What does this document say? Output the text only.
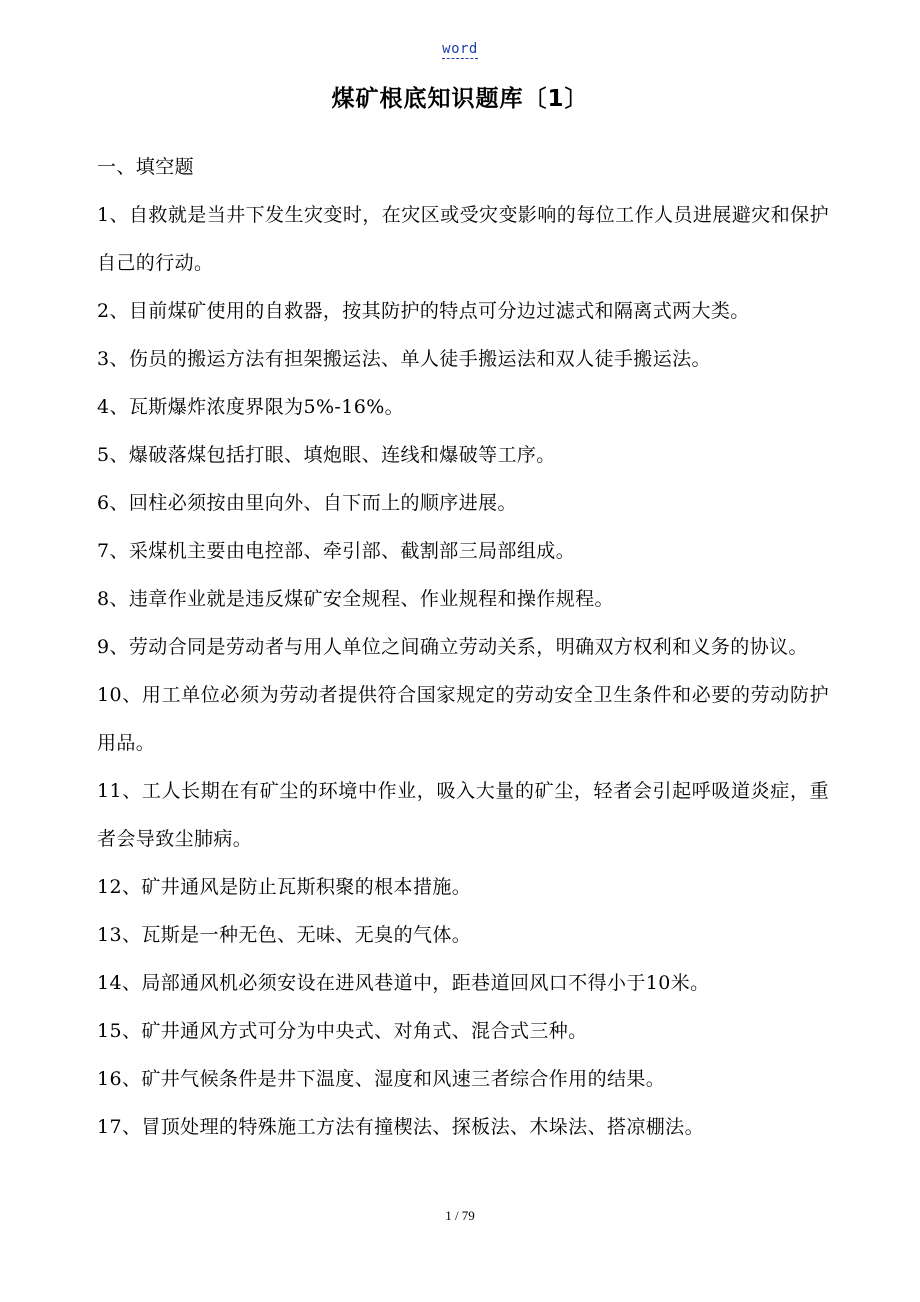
word
煤矿根底知识题库〔1〕

一、填空题

1、自救就是当井下发生灾变时，在灾区或受灾变影响的每位工作人员进展避灾和保护自己的行动。

2、目前煤矿使用的自救器，按其防护的特点可分边过滤式和隔离式两大类。

3、伤员的搬运方法有担架搬运法、单人徒手搬运法和双人徒手搬运法。

4、瓦斯爆炸浓度界限为5%-16%。

5、爆破落煤包括打眼、填炮眼、连线和爆破等工序。

6、回柱必须按由里向外、自下而上的顺序进展。

7、采煤机主要由电控部、牵引部、截割部三局部组成。

8、违章作业就是违反煤矿安全规程、作业规程和操作规程。

9、劳动合同是劳动者与用人单位之间确立劳动关系，明确双方权利和义务的协议。

10、用工单位必须为劳动者提供符合国家规定的劳动安全卫生条件和必要的劳动防护用品。

11、工人长期在有矿尘的环境中作业，吸入大量的矿尘，轻者会引起呼吸道炎症，重者会导致尘肺病。

12、矿井通风是防止瓦斯积聚的根本措施。

13、瓦斯是一种无色、无味、无臭的气体。

14、局部通风机必须安设在进风巷道中，距巷道回风口不得小于10米。

15、矿井通风方式可分为中央式、对角式、混合式三种。

16、矿井气候条件是井下温度、湿度和风速三者综合作用的结果。

17、冒顶处理的特殊施工方法有撞楔法、探板法、木垛法、搭凉棚法。

1 / 79
